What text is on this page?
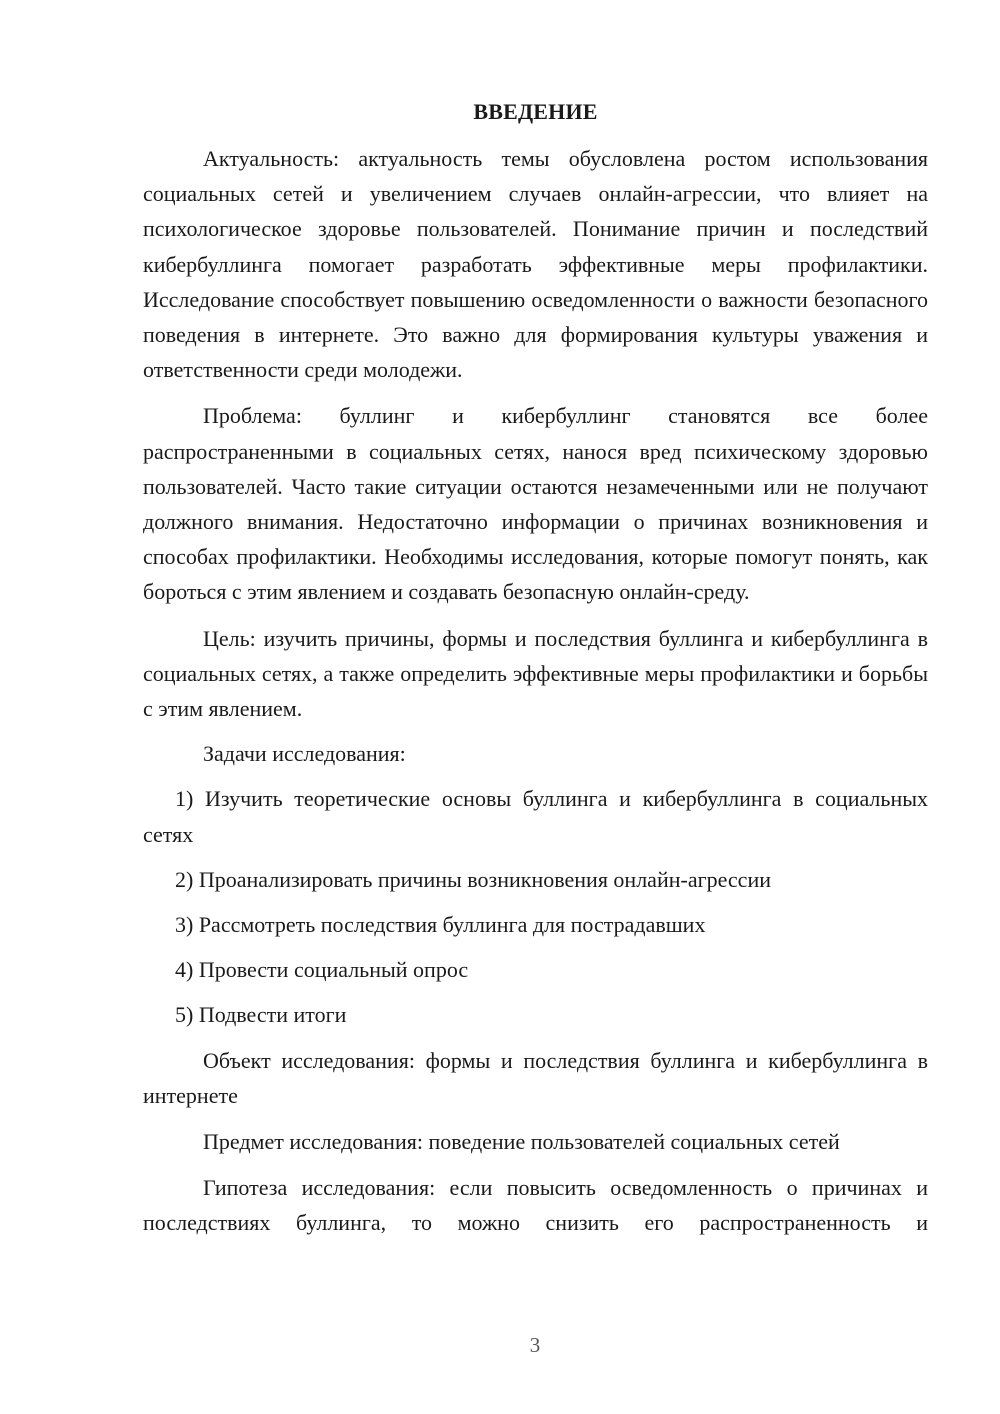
ВВЕДЕНИЕ

Актуальность: актуальность темы обусловлена ростом использования социальных сетей и увеличением случаев онлайн-агрессии, что влияет на психологическое здоровье пользователей. Понимание причин и последствий кибербуллинга помогает разработать эффективные меры профилактики. Исследование способствует повышению осведомленности о важности безопасного поведения в интернете. Это важно для формирования культуры уважения и ответственности среди молодежи.

Проблема: буллинг и кибербуллинг становятся все более распространенными в социальных сетях, нанося вред психическому здоровью пользователей. Часто такие ситуации остаются незамеченными или не получают должного внимания. Недостаточно информации о причинах возникновения и способах профилактики. Необходимы исследования, которые помогут понять, как бороться с этим явлением и создавать безопасную онлайн-среду.

Цель: изучить причины, формы и последствия буллинга и кибербуллинга в социальных сетях, а также определить эффективные меры профилактики и борьбы с этим явлением.

Задачи исследования:

1) Изучить теоретические основы буллинга и кибербуллинга в социальных сетях

2) Проанализировать причины возникновения онлайн-агрессии

3) Рассмотреть последствия буллинга для пострадавших

4) Провести социальный опрос

5) Подвести итоги

Объект исследования: формы и последствия буллинга и кибербуллинга в интернете

Предмет исследования: поведение пользователей социальных сетей

Гипотеза исследования: если повысить осведомленность о причинах и последствиях буллинга, то можно снизить его распространенность и

3
